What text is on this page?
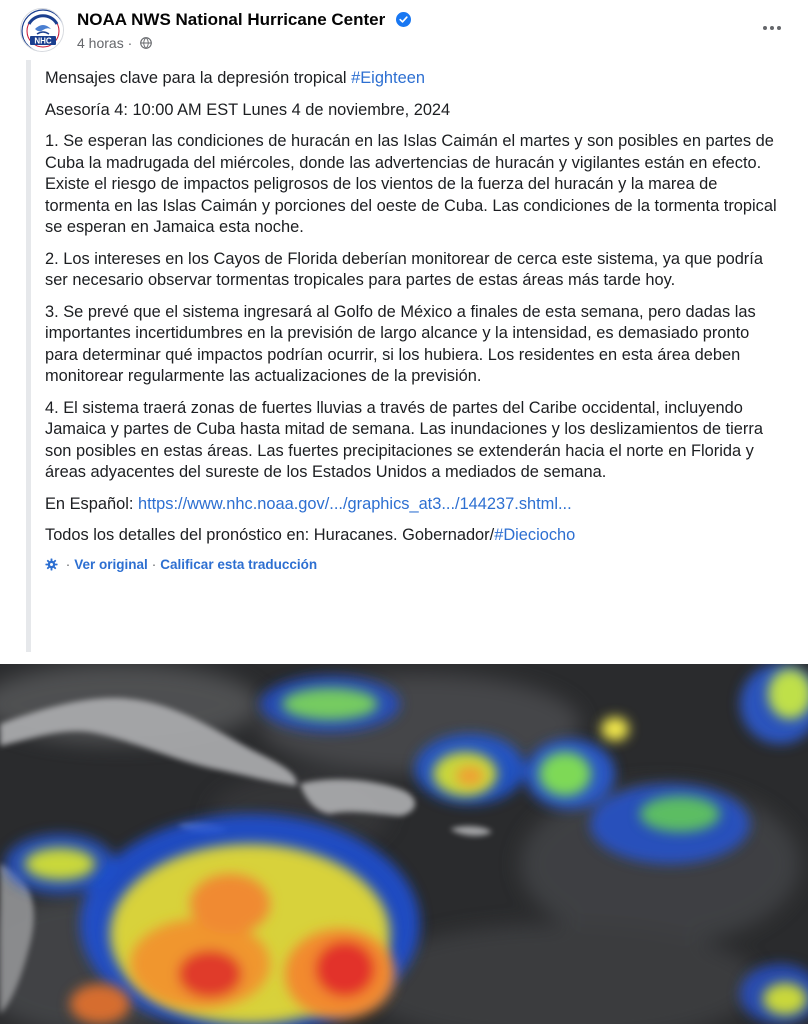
NHC
NOAA NWS National Hurricane Center
4 horas ·

Mensajes clave para la depresión tropical #Eighteen

Asesoría 4: 10:00 AM EST Lunes 4 de noviembre, 2024

1. Se esperan las condiciones de huracán en las Islas Caimán el martes y son posibles en partes de Cuba la madrugada del miércoles, donde las advertencias de huracán y vigilantes están en efecto. Existe el riesgo de impactos peligrosos de los vientos de la fuerza del huracán y la marea de tormenta en las Islas Caimán y porciones del oeste de Cuba. Las condiciones de la tormenta tropical se esperan en Jamaica esta noche.

2. Los intereses en los Cayos de Florida deberían monitorear de cerca este sistema, ya que podría ser necesario observar tormentas tropicales para partes de estas áreas más tarde hoy.

3. Se prevé que el sistema ingresará al Golfo de México a finales de esta semana, pero dadas las importantes incertidumbres en la previsión de largo alcance y la intensidad, es demasiado pronto para determinar qué impactos podrían ocurrir, si los hubiera. Los residentes en esta área deben monitorear regularmente las actualizaciones de la previsión.

4. El sistema traerá zonas de fuertes lluvias a través de partes del Caribe occidental, incluyendo Jamaica y partes de Cuba hasta mitad de semana. Las inundaciones y los deslizamientos de tierra son posibles en estas áreas. Las fuertes precipitaciones se extenderán hacia el norte en Florida y áreas adyacentes del sureste de los Estados Unidos a mediados de semana.

En Español: https://www.nhc.noaa.gov/.../graphics_at3.../144237.shtml...

Todos los detalles del pronóstico en: Huracanes. Gobernador/#Dieciocho

· Ver original · Calificar esta traducción
